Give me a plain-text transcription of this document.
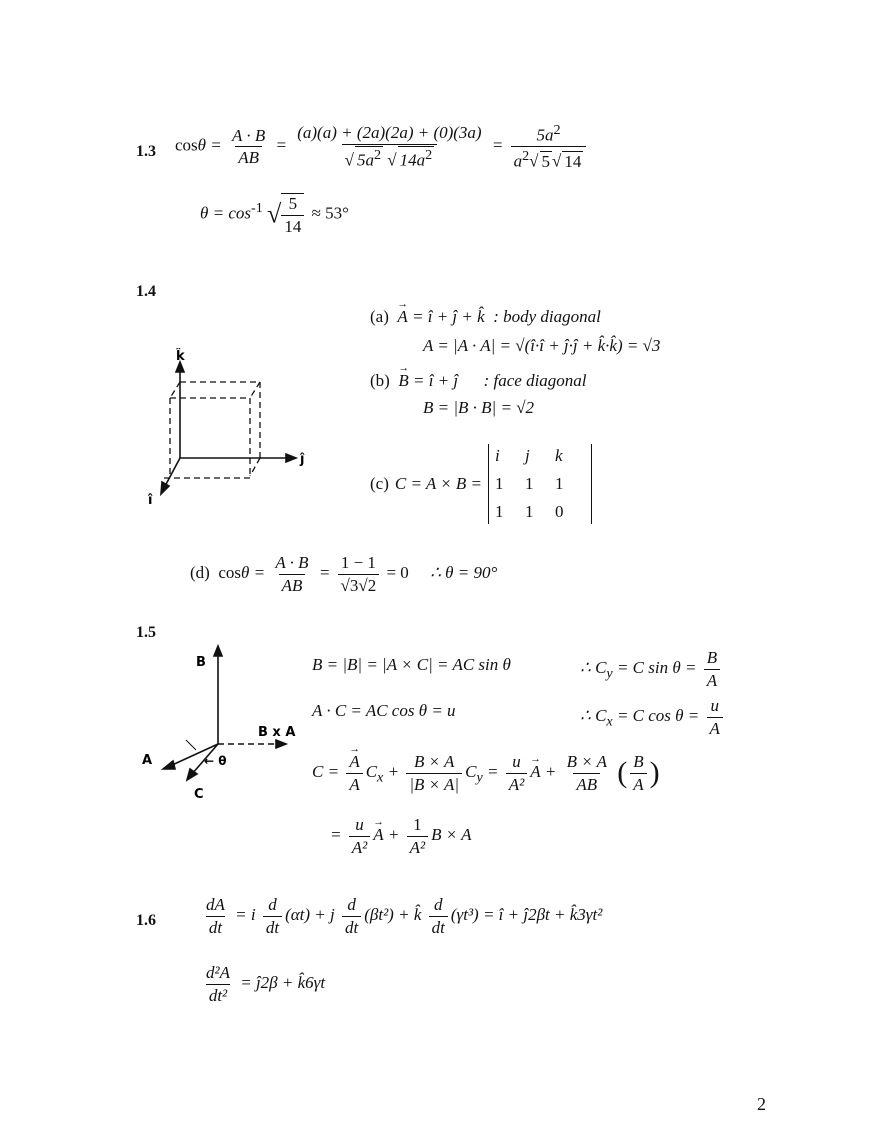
1.3 $\cos\theta = \frac{A \cdot B}{AB} = \frac{(a)(a) + (2a)(2a) + (0)(3a)}{√ 5a^2 √ 14a^2} = \frac{5a^2}{a^2√ 5 √ 14}$
$\theta = \cos^{-1}$ √ $\frac{5}{14} \approx 53^\circ$
1.4
k̂
ĵ
î
(a)  → A = î + ĵ + k̂ : body diagonal
A = |A · A| = √(î·î + ĵ·ĵ + k̂·k̂) = √3
(b)  → B = î + ĵ : face diagonal
B = |B · B| = √2
(c) C = A × B =
i	j	k
1	1	1
1	1	0
(d) $\cos\theta = \frac{A \cdot B}{AB} = \frac{1 - 1}{√3√2} = 0$ ∴ θ = 90°
1.5
B
B x A
A	← θ
C
B = |B| = |A × C| = AC sin θ
A · C = AC cos θ = u
∴ $C_y = C$ $\sin \theta = \frac{B}{A}$
∴ $C_x = C$ $\cos \theta = \frac{u}{A}$
C =
→ $\frac{A}{A} C_x + \frac{B \times A}{|B \times A|} C_y = \frac{u}{\text{A²}}$
→ $A + \frac{B \times A}{AB}$ ( $\frac{B}{A}$ )
= $\frac{u}{\text{A²}}$
→ $A + \frac{1}{\text{A²}}$ B × A
1.6	$\frac{dA}{dt} = i \frac{d}{dt} (\alpha t) + j \frac{d}{dt} (\beta t^2)$ + k̂ $\frac{d}{dt} (\gamma t^3)$ = î + ĵ2βt + k̂3γt²
$\frac{\text{d²A}}{\text{dt²}}$ = ĵ2β + k̂6γt
2
